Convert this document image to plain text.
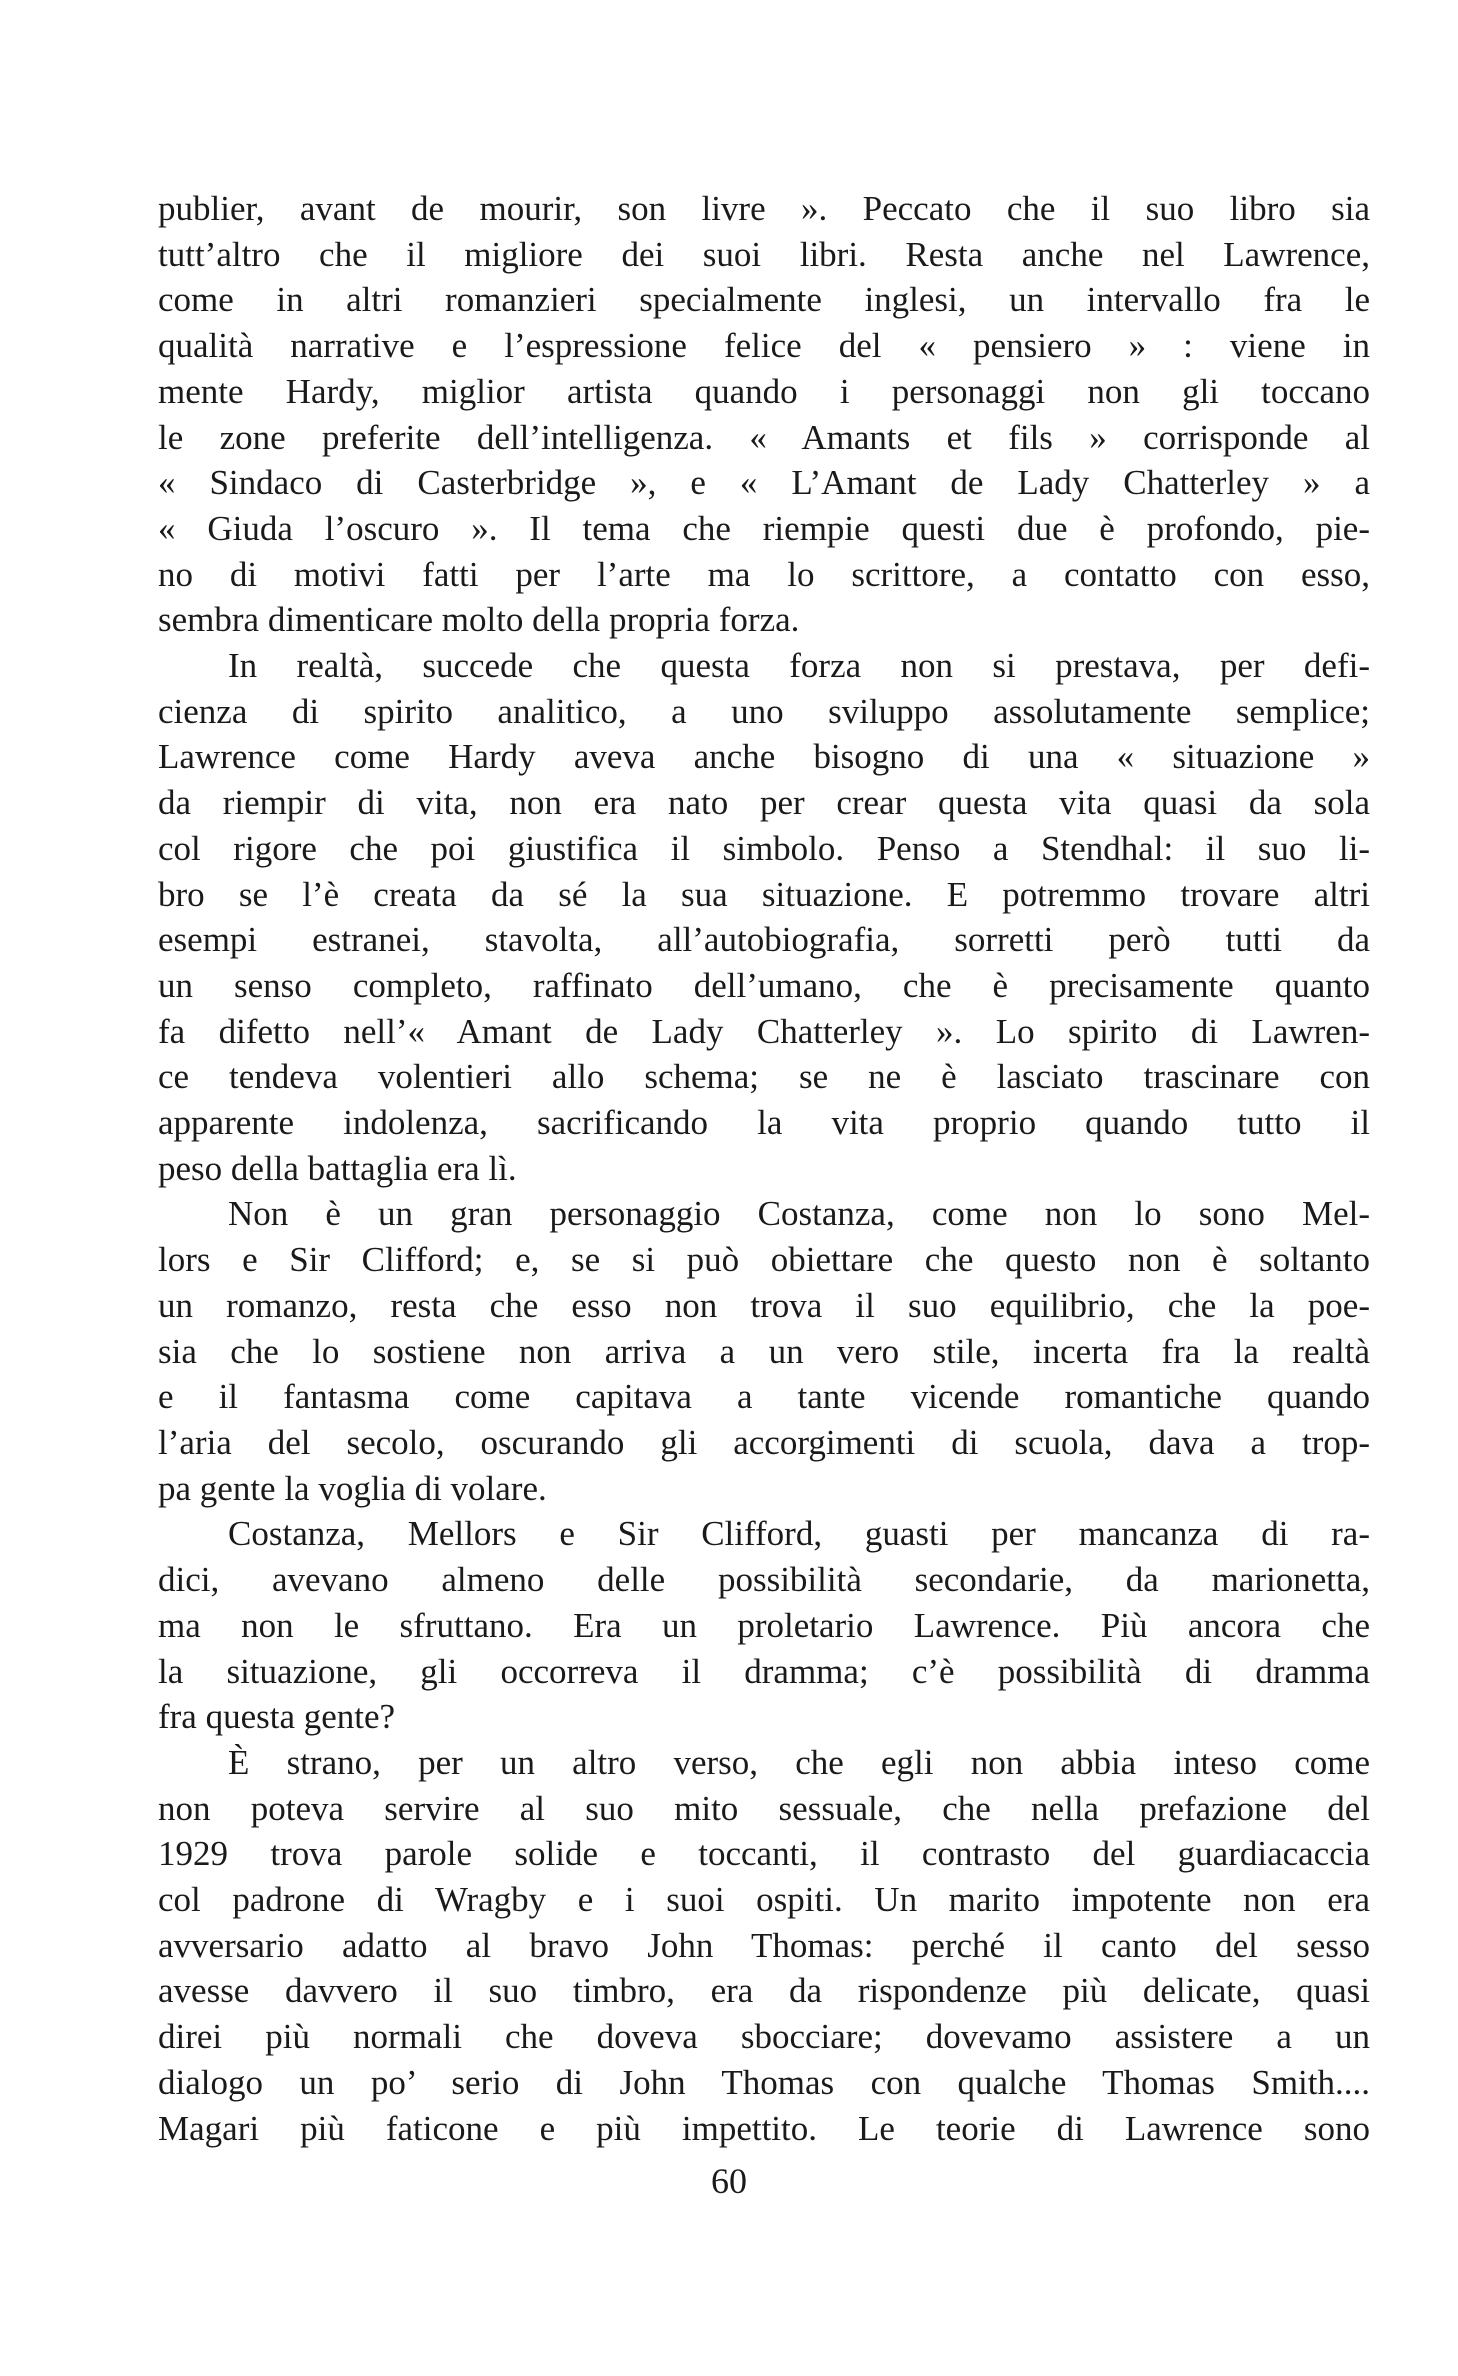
publier, avant de mourir, son livre ». Peccato che il suo libro sia
tutt’altro che il migliore dei suoi libri. Resta anche nel Lawrence,
come in altri romanzieri specialmente inglesi, un intervallo fra le
qualità narrative e l’espressione felice del « pensiero » : viene in
mente Hardy, miglior artista quando i personaggi non gli toccano
le zone preferite dell’intelligenza. « Amants et fils » corrisponde al
« Sindaco di Casterbridge », e « L’Amant de Lady Chatterley » a
« Giuda l’oscuro ». Il tema che riempie questi due è profondo, pie-
no di motivi fatti per l’arte ma lo scrittore, a contatto con esso,
sembra dimenticare molto della propria forza.
In realtà, succede che questa forza non si prestava, per defi-
cienza di spirito analitico, a uno sviluppo assolutamente semplice;
Lawrence come Hardy aveva anche bisogno di una « situazione »
da riempir di vita, non era nato per crear questa vita quasi da sola
col rigore che poi giustifica il simbolo. Penso a Stendhal: il suo li-
bro se l’è creata da sé la sua situazione. E potremmo trovare altri
esempi estranei, stavolta, all’autobiografia, sorretti però tutti da
un senso completo, raffinato dell’umano, che è precisamente quanto
fa difetto nell’« Amant de Lady Chatterley ». Lo spirito di Lawren-
ce tendeva volentieri allo schema; se ne è lasciato trascinare con
apparente indolenza, sacrificando la vita proprio quando tutto il
peso della battaglia era lì.
Non è un gran personaggio Costanza, come non lo sono Mel-
lors e Sir Clifford; e, se si può obiettare che questo non è soltanto
un romanzo, resta che esso non trova il suo equilibrio, che la poe-
sia che lo sostiene non arriva a un vero stile, incerta fra la realtà
e il fantasma come capitava a tante vicende romantiche quando
l’aria del secolo, oscurando gli accorgimenti di scuola, dava a trop-
pa gente la voglia di volare.
Costanza, Mellors e Sir Clifford, guasti per mancanza di ra-
dici, avevano almeno delle possibilità secondarie, da marionetta,
ma non le sfruttano. Era un proletario Lawrence. Più ancora che
la situazione, gli occorreva il dramma; c’è possibilità di dramma
fra questa gente?
È strano, per un altro verso, che egli non abbia inteso come
non poteva servire al suo mito sessuale, che nella prefazione del
1929 trova parole solide e toccanti, il contrasto del guardiacaccia
col padrone di Wragby e i suoi ospiti. Un marito impotente non era
avversario adatto al bravo John Thomas: perché il canto del sesso
avesse davvero il suo timbro, era da rispondenze più delicate, quasi
direi più normali che doveva sbocciare; dovevamo assistere a un
dialogo un po’ serio di John Thomas con qualche Thomas Smith....
Magari più faticone e più impettito. Le teorie di Lawrence sono
60
